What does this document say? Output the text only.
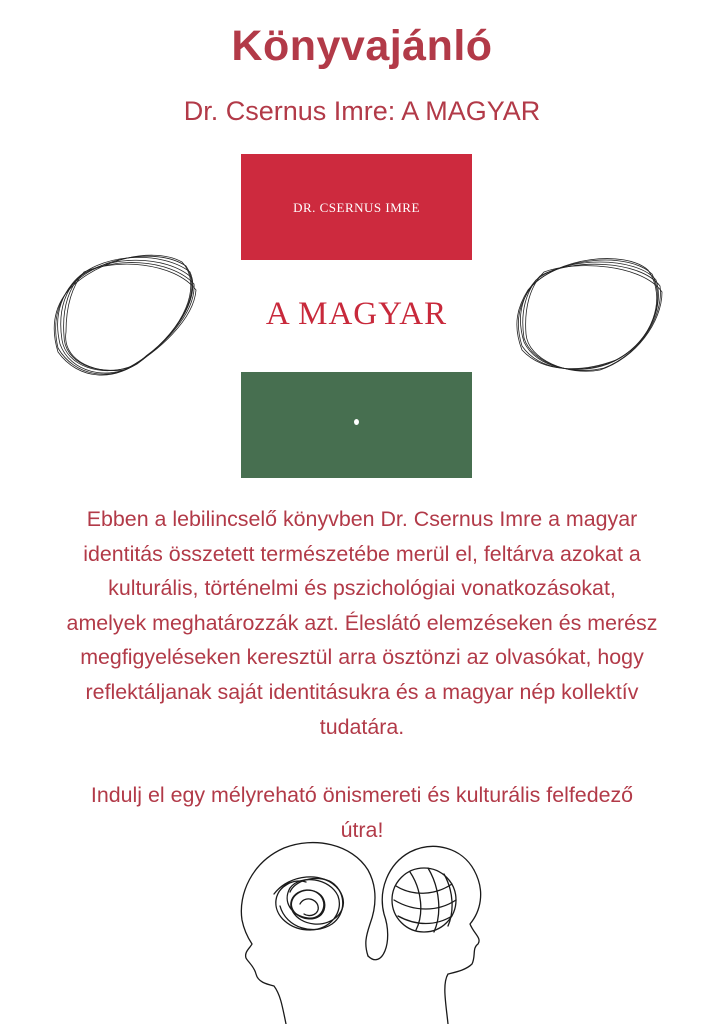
Könyvajánló
Dr. Csernus Imre: A MAGYAR
DR. CSERNUS IMRE
A MAGYAR

Ebben a lebilincselő könyvben Dr. Csernus Imre a magyar
identitás összetett természetébe merül el, feltárva azokat a
kulturális, történelmi és pszichológiai vonatkozásokat,
amelyek meghatározzák azt. Éleslátó elemzéseken és merész
megfigyeléseken keresztül arra ösztönzi az olvasókat, hogy
reflektáljanak saját identitásukra és a magyar nép kollektív
tudatára.

Indulj el egy mélyreható önismereti és kulturális felfedező
útra!
